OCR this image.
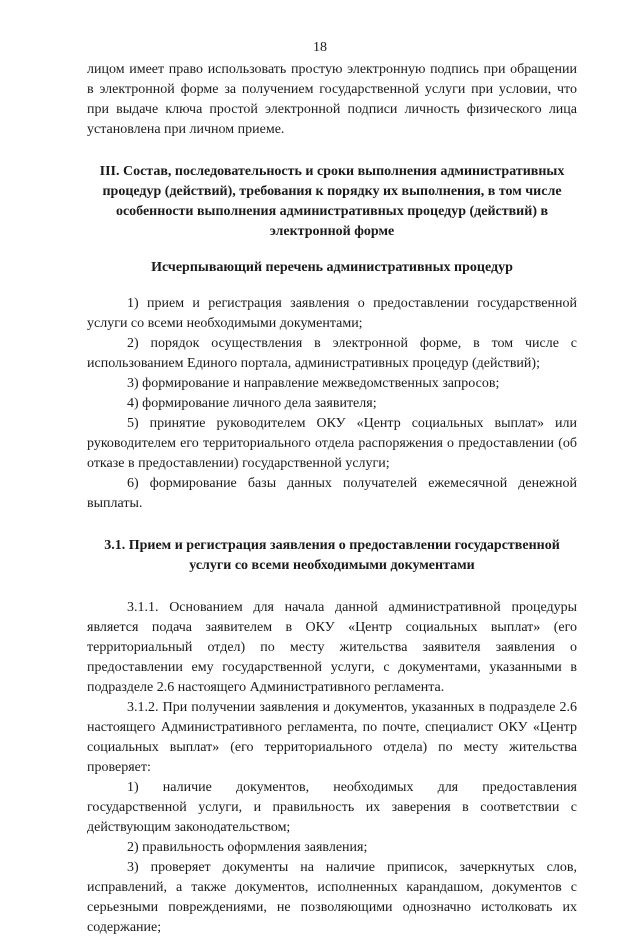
18

лицом имеет право использовать простую электронную подпись при обращении в электронной форме за получением государственной услуги при условии, что при выдаче ключа простой электронной подписи личность физического лица установлена при личном приеме.

III. Состав, последовательность и сроки выполнения административных процедур (действий), требования к порядку их выполнения, в том числе особенности выполнения административных процедур (действий) в электронной форме

Исчерпывающий перечень административных процедур

1) прием и регистрация заявления о предоставлении государственной услуги со всеми необходимыми документами;

2) порядок осуществления в электронной форме, в том числе с использованием Единого портала, административных процедур (действий);

3) формирование и направление межведомственных запросов;

4) формирование личного дела заявителя;

5) принятие руководителем ОКУ «Центр социальных выплат» или руководителем его территориального отдела распоряжения о предоставлении (об отказе в предоставлении) государственной услуги;

6) формирование базы данных получателей ежемесячной денежной выплаты.

3.1. Прием и регистрация заявления о предоставлении государственной услуги со всеми необходимыми документами

3.1.1. Основанием для начала данной административной процедуры является подача заявителем в ОКУ «Центр социальных выплат» (его территориальный отдел) по месту жительства заявителя заявления о предоставлении ему государственной услуги, с документами, указанными в подразделе 2.6 настоящего Административного регламента.

3.1.2. При получении заявления и документов, указанных в подразделе 2.6 настоящего Административного регламента, по почте, специалист ОКУ «Центр социальных выплат» (его территориального отдела) по месту жительства проверяет:

1) наличие документов, необходимых для предоставления государственной услуги, и правильность их заверения в соответствии с действующим законодательством;

2) правильность оформления заявления;

3) проверяет документы на наличие приписок, зачеркнутых слов, исправлений, а также документов, исполненных карандашом, документов с серьезными повреждениями, не позволяющими однозначно истолковать их содержание;
